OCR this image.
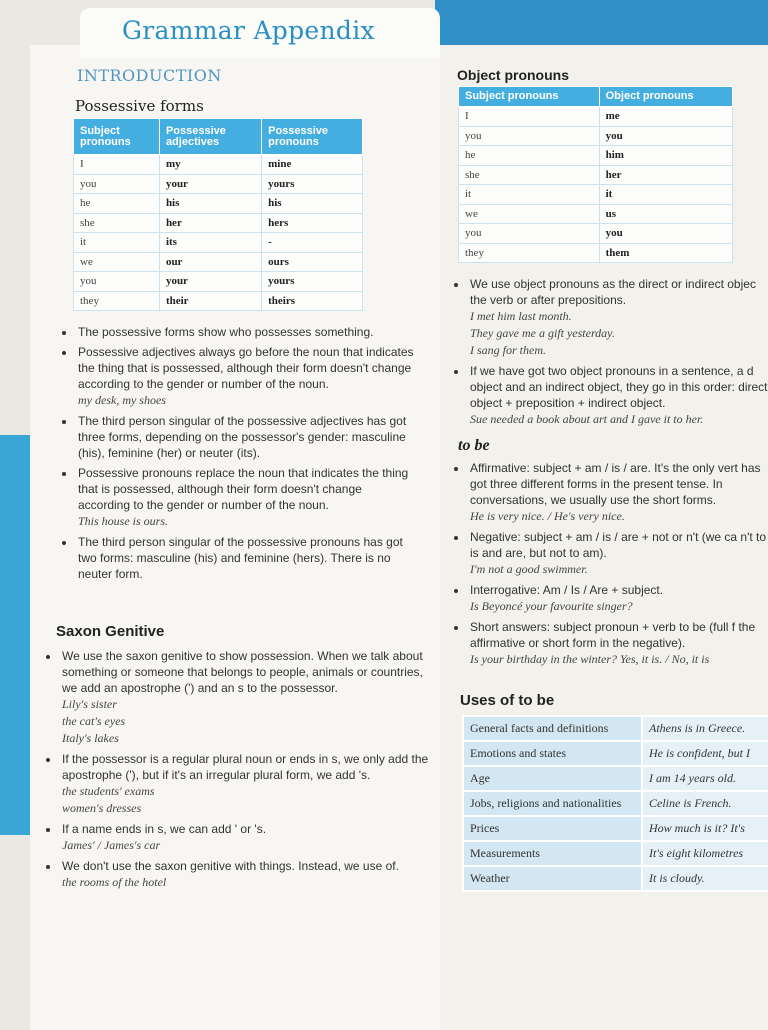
Grammar Appendix
INTRODUCTION
Possessive forms
Subject pronouns	Possessive adjectives	Possessive pronouns
I	my	mine
you	your	yours
he	his	his
she	her	hers
it	its	-
we	our	ours
you	your	yours
they	their	theirs
• The possessive forms show who possesses something.
• Possessive adjectives always go before the noun that indicates the thing that is possessed, although their form doesn't change according to the gender or number of the noun.
my desk, my shoes
• The third person singular of the possessive adjectives has got three forms, depending on the possessor's gender: masculine (his), feminine (her) or neuter (its).
• Possessive pronouns replace the noun that indicates the thing that is possessed, although their form doesn't change according to the gender or number of the noun.
This house is ours.
• The third person singular of the possessive pronouns has got two forms: masculine (his) and feminine (hers). There is no neuter form.
Saxon Genitive
• We use the saxon genitive to show possession. When we talk about something or someone that belongs to people, animals or countries, we add an apostrophe (') and an s to the possessor.
Lily's sister
the cat's eyes
Italy's lakes
• If the possessor is a regular plural noun or ends in s, we only add the apostrophe ('), but if it's an irregular plural form, we add 's.
the students' exams
women's dresses
• If a name ends in s, we can add ' or 's.
James' / James's car
• We don't use the saxon genitive with things. Instead, we use of.
the rooms of the hotel
Object pronouns
Subject pronouns	Object pronouns
I	me
you	you
he	him
she	her
it	it
we	us
you	you
they	them
• We use object pronouns as the direct or indirect objec the verb or after prepositions.
I met him last month.
They gave me a gift yesterday.
I sang for them.
• If we have got two object pronouns in a sentence, a d object and an indirect object, they go in this order: direct object + preposition + indirect object.
Sue needed a book about art and I gave it to her.
to be
• Affirmative: subject + am / is / are. It's the only vert has got three different forms in the present tense. In conversations, we usually use the short forms.
He is very nice. / He's very nice.
• Negative: subject + am / is / are + not or n't (we ca n't to is and are, but not to am).
I'm not a good swimmer.
• Interrogative: Am / Is / Are + subject.
Is Beyoncé your favourite singer?
• Short answers: subject pronoun + verb to be (full f the affirmative or short form in the negative).
Is your birthday in the winter? Yes, it is. / No, it is
Uses of to be
General facts and definitions	Athens is in Greece.
Emotions and states	He is confident, but I
Age	I am 14 years old.
Jobs, religions and nationalities	Celine is French.
Prices	How much is it? It's
Measurements	It's eight kilometres
Weather	It is cloudy.
